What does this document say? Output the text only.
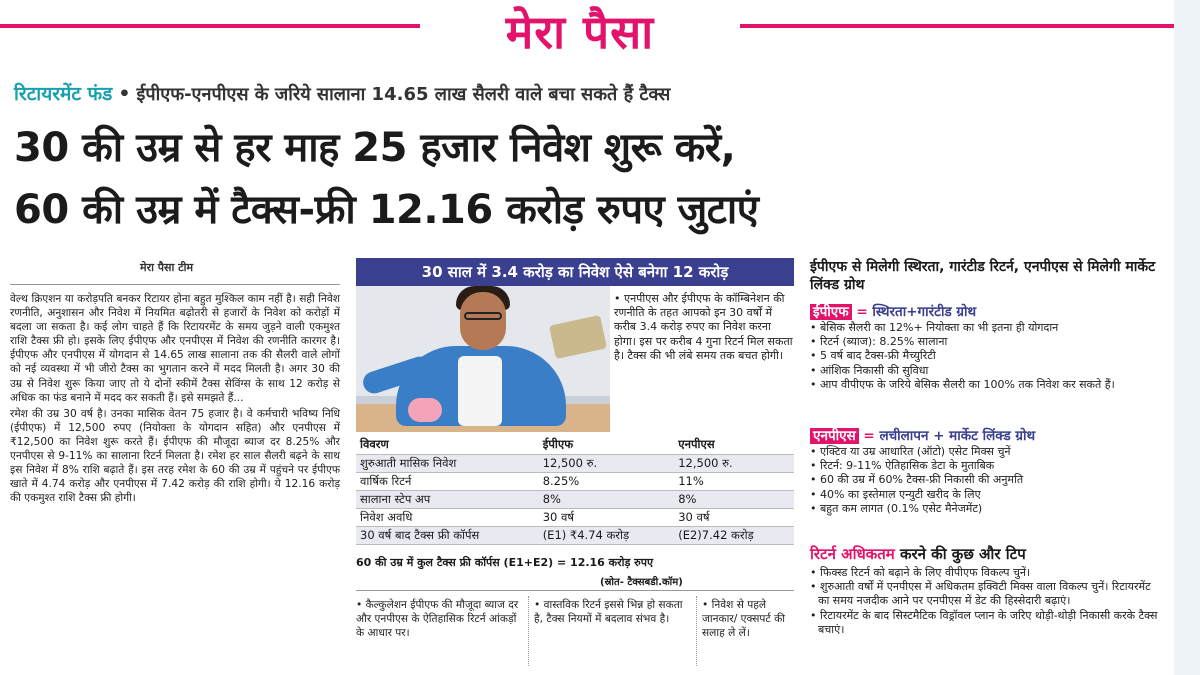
मेरा पैसा
रिटायरमेंट फंड • ईपीएफ-एनपीएस के जरिये सालाना 14.65 लाख सैलरी वाले बचा सकते हैं टैक्स
30 की उम्र से हर माह 25 हजार निवेश शुरू करें,
60 की उम्र में टैक्स-फ्री 12.16 करोड़ रुपए जुटाएं
मेरा पैसा टीम

वेल्थ क्रिएशन या करोड़पति बनकर रिटायर होना बहुत मुश्किल काम नहीं है। सही निवेश रणनीति, अनुशासन और निवेश में नियमित बढ़ोतरी से हजारों के निवेश को करोड़ों में बदला जा सकता है। कई लोग चाहते हैं कि रिटायरमेंट के समय जुड़ने वाली एकमुश्त राशि टैक्स फ्री हो। इसके लिए ईपीएफ और एनपीएस में निवेश की रणनीति कारगर है। ईपीएफ और एनपीएस में योगदान से 14.65 लाख सालाना तक की सैलरी वाले लोगों को नई व्यवस्था में भी जीरो टैक्स का भुगतान करने में मदद मिलती है। अगर 30 की उम्र से निवेश शुरू किया जाए तो ये दोनों स्कीमें टैक्स सेविंग्स के साथ 12 करोड़ से अधिक का फंड बनाने में मदद कर सकती हैं। इसे समझते हैं...

रमेश की उम्र 30 वर्ष है। उनका मासिक वेतन 75 हजार है। वे कर्मचारी भविष्य निधि (ईपीएफ) में 12,500 रुपए (नियोक्ता के योगदान सहित) और एनपीएस में ₹12,500 का निवेश शुरू करते हैं। ईपीएफ की मौजूदा ब्याज दर 8.25% और एनपीएस से 9-11% का सालाना रिटर्न मिलता है। रमेश हर साल सैलरी बढ़ने के साथ इस निवेश में 8% राशि बढ़ाते हैं। इस तरह रमेश के 60 की उम्र में पहुंचने पर ईपीएफ खाते में 4.74 करोड़ और एनपीएस में 7.42 करोड़ की राशि होगी। ये 12.16 करोड़ की एकमुश्त राशि टैक्स फ्री होगी।

30 साल में 3.4 करोड़ का निवेश ऐसे बनेगा 12 करोड़
• एनपीएस और ईपीएफ के कॉम्बिनेशन की रणनीति के तहत आपको इन 30 वर्षों में करीब 3.4 करोड़ रुपए का निवेश करना होगा। इस पर करीब 4 गुना रिटर्न मिल सकता है। टैक्स की भी लंबे समय तक बचत होगी।
विवरण	ईपीएफ	एनपीएस
शुरुआती मासिक निवेश	12,500 रु.	12,500 रु.
वार्षिक रिटर्न	8.25%	11%
सालाना स्टेप अप	8%	8%
निवेश अवधि	30 वर्ष	30 वर्ष
30 वर्ष बाद टैक्स फ्री कॉर्पस	(E1) ₹4.74 करोड़	(E2)7.42 करोड़
60 की उम्र में कुल टैक्स फ्री कॉर्पस (E1+E2) = 12.16 करोड़ रुपए
(स्रोत- टैक्सबडी.कॉम)
• कैल्कुलेशन ईपीएफ की मौजूदा ब्याज दर और एनपीएस के ऐतिहासिक रिटर्न आंकड़ों के आधार पर।
• वास्तविक रिटर्न इससे भिन्न हो सकता है, टैक्स नियमों में बदलाव संभव है।
• निवेश से पहले जानकार/ एक्सपर्ट की सलाह ले लें।
ईपीएफ से मिलेगी स्थिरता, गारंटीड रिटर्न, एनपीएस से मिलेगी मार्केट लिंक्ड ग्रोथ
ईपीएफ = स्थिरता+गारंटीड ग्रोथ
• बेसिक सैलरी का 12%+ नियोक्ता का भी इतना ही योगदान
• रिटर्न (ब्याज): 8.25% सालाना
• 5 वर्ष बाद टैक्स-फ्री मैच्युरिटी
• आंशिक निकासी की सुविधा
• आप वीपीएफ के जरिये बेसिक सैलरी का 100% तक निवेश कर सकते हैं।
एनपीएस = लचीलापन + मार्केट लिंक्ड ग्रोथ
• एक्टिव या उम्र आधारित (ऑटो) एसेट मिक्स चुनें
• रिटर्न: 9-11% ऐतिहासिक डेटा के मुताबिक
• 60 की उम्र में 60% टैक्स-फ्री निकासी की अनुमति
• 40% का इस्तेमाल एन्युटी खरीद के लिए
• बहुत कम लागत (0.1% एसेट मैनेजमेंट)
रिटर्न अधिकतम करने की कुछ और टिप
• फिक्स्ड रिटर्न को बढ़ाने के लिए वीपीएफ विकल्प चुनें।
• शुरुआती वर्षों में एनपीएस में अधिकतम इक्विटी मिक्स वाला विकल्प चुनें। रिटायरमेंट का समय नजदीक आने पर एनपीएस में डेट की हिस्सेदारी बढ़ाएं।
• रिटायरमेंट के बाद सिस्टमैटिक विड्रॉवल प्लान के जरिए थोड़ी-थोड़ी निकासी करके टैक्स बचाएं।
